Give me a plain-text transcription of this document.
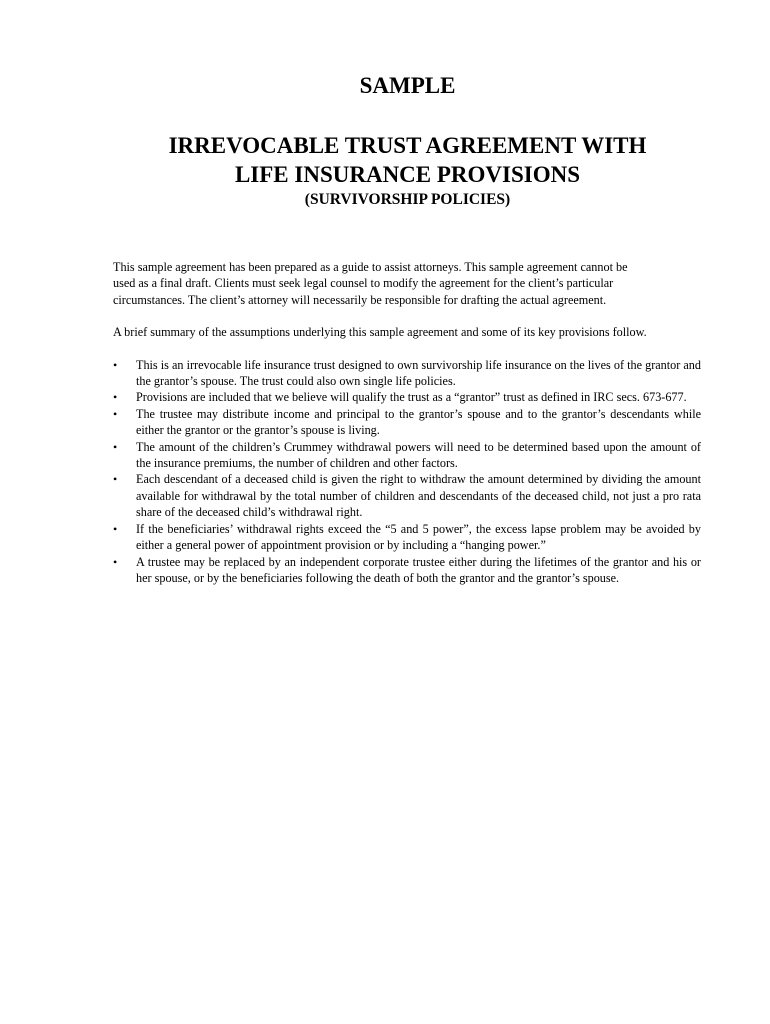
SAMPLE
IRREVOCABLE TRUST AGREEMENT WITH
LIFE INSURANCE PROVISIONS
(SURVIVORSHIP POLICIES)

This sample agreement has been prepared as a guide to assist attorneys. This sample agreement cannot be
used as a final draft. Clients must seek legal counsel to modify the agreement for the client’s particular
circumstances. The client’s attorney will necessarily be responsible for drafting the actual agreement.

A brief summary of the assumptions underlying this sample agreement and some of its key provisions follow.

•	This is an irrevocable life insurance trust designed to own survivorship life insurance on the lives of the grantor and the grantor’s spouse. The trust could also own single life policies.
•	Provisions are included that we believe will qualify the trust as a “grantor” trust as defined in IRC secs. 673-677.
•	The trustee may distribute income and principal to the grantor’s spouse and to the grantor’s descendants while either the grantor or the grantor’s spouse is living.
•	The amount of the children’s Crummey withdrawal powers will need to be determined based upon the amount of the insurance premiums, the number of children and other factors.
•	Each descendant of a deceased child is given the right to withdraw the amount determined by dividing the amount available for withdrawal by the total number of children and descendants of the deceased child, not just a pro rata share of the deceased child’s withdrawal right.
•	If the beneficiaries’ withdrawal rights exceed the “5 and 5 power”, the excess lapse problem may be avoided by either a general power of appointment provision or by including a “hanging power.”
•	A trustee may be replaced by an independent corporate trustee either during the lifetimes of the grantor and his or her spouse, or by the beneficiaries following the death of both the grantor and the grantor’s spouse.
